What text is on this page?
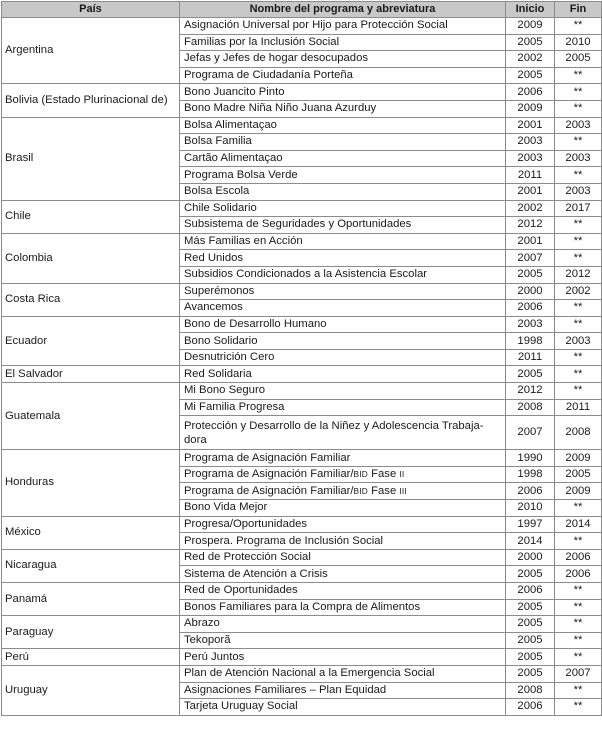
País	Nombre del programa y abreviatura	Inicio	Fin
Argentina	Asignación Universal por Hijo para Protección Social	2009	**
	Familias por la Inclusión Social	2005	2010
	Jefas y Jefes de hogar desocupados	2002	2005
	Programa de Ciudadanía Porteña	2005	**
Bolivia (Estado Plurinacional de)	Bono Juancito Pinto	2006	**
	Bono Madre Niña Niño Juana Azurduy	2009	**
Brasil	Bolsa Alimentaçao	2001	2003
	Bolsa Familia	2003	**
	Cartão Alimentaçao	2003	2003
	Programa Bolsa Verde	2011	**
	Bolsa Escola	2001	2003
Chile	Chile Solidario	2002	2017
	Subsistema de Seguridades y Oportunidades	2012	**
Colombia	Más Familias en Acción	2001	**
	Red Unidos	2007	**
	Subsidios Condicionados a la Asistencia Escolar	2005	2012
Costa Rica	Superémonos	2000	2002
	Avancemos	2006	**
Ecuador	Bono de Desarrollo Humano	2003	**
	Bono Solidario	1998	2003
	Desnutrición Cero	2011	**
El Salvador	Red Solidaria	2005	**
Guatemala	Mi Bono Seguro	2012	**
	Mi Familia Progresa	2008	2011
	Protección y Desarrollo de la Niñez y Adolescencia Trabaja-dora	2007	2008
Honduras	Programa de Asignación Familiar	1990	2009
	Programa de Asignación Familiar/BID Fase II	1998	2005
	Programa de Asignación Familiar/BID Fase III	2006	2009
	Bono Vida Mejor	2010	**
México	Progresa/Oportunidades	1997	2014
	Prospera. Programa de Inclusión Social	2014	**
Nicaragua	Red de Protección Social	2000	2006
	Sistema de Atención a Crisis	2005	2006
Panamá	Red de Oportunidades	2006	**
	Bonos Familiares para la Compra de Alimentos	2005	**
Paraguay	Abrazo	2005	**
	Tekoporã	2005	**
Perú	Perú Juntos	2005	**
Uruguay	Plan de Atención Nacional a la Emergencia Social	2005	2007
	Asignaciones Familiares – Plan Equidad	2008	**
	Tarjeta Uruguay Social	2006	**
